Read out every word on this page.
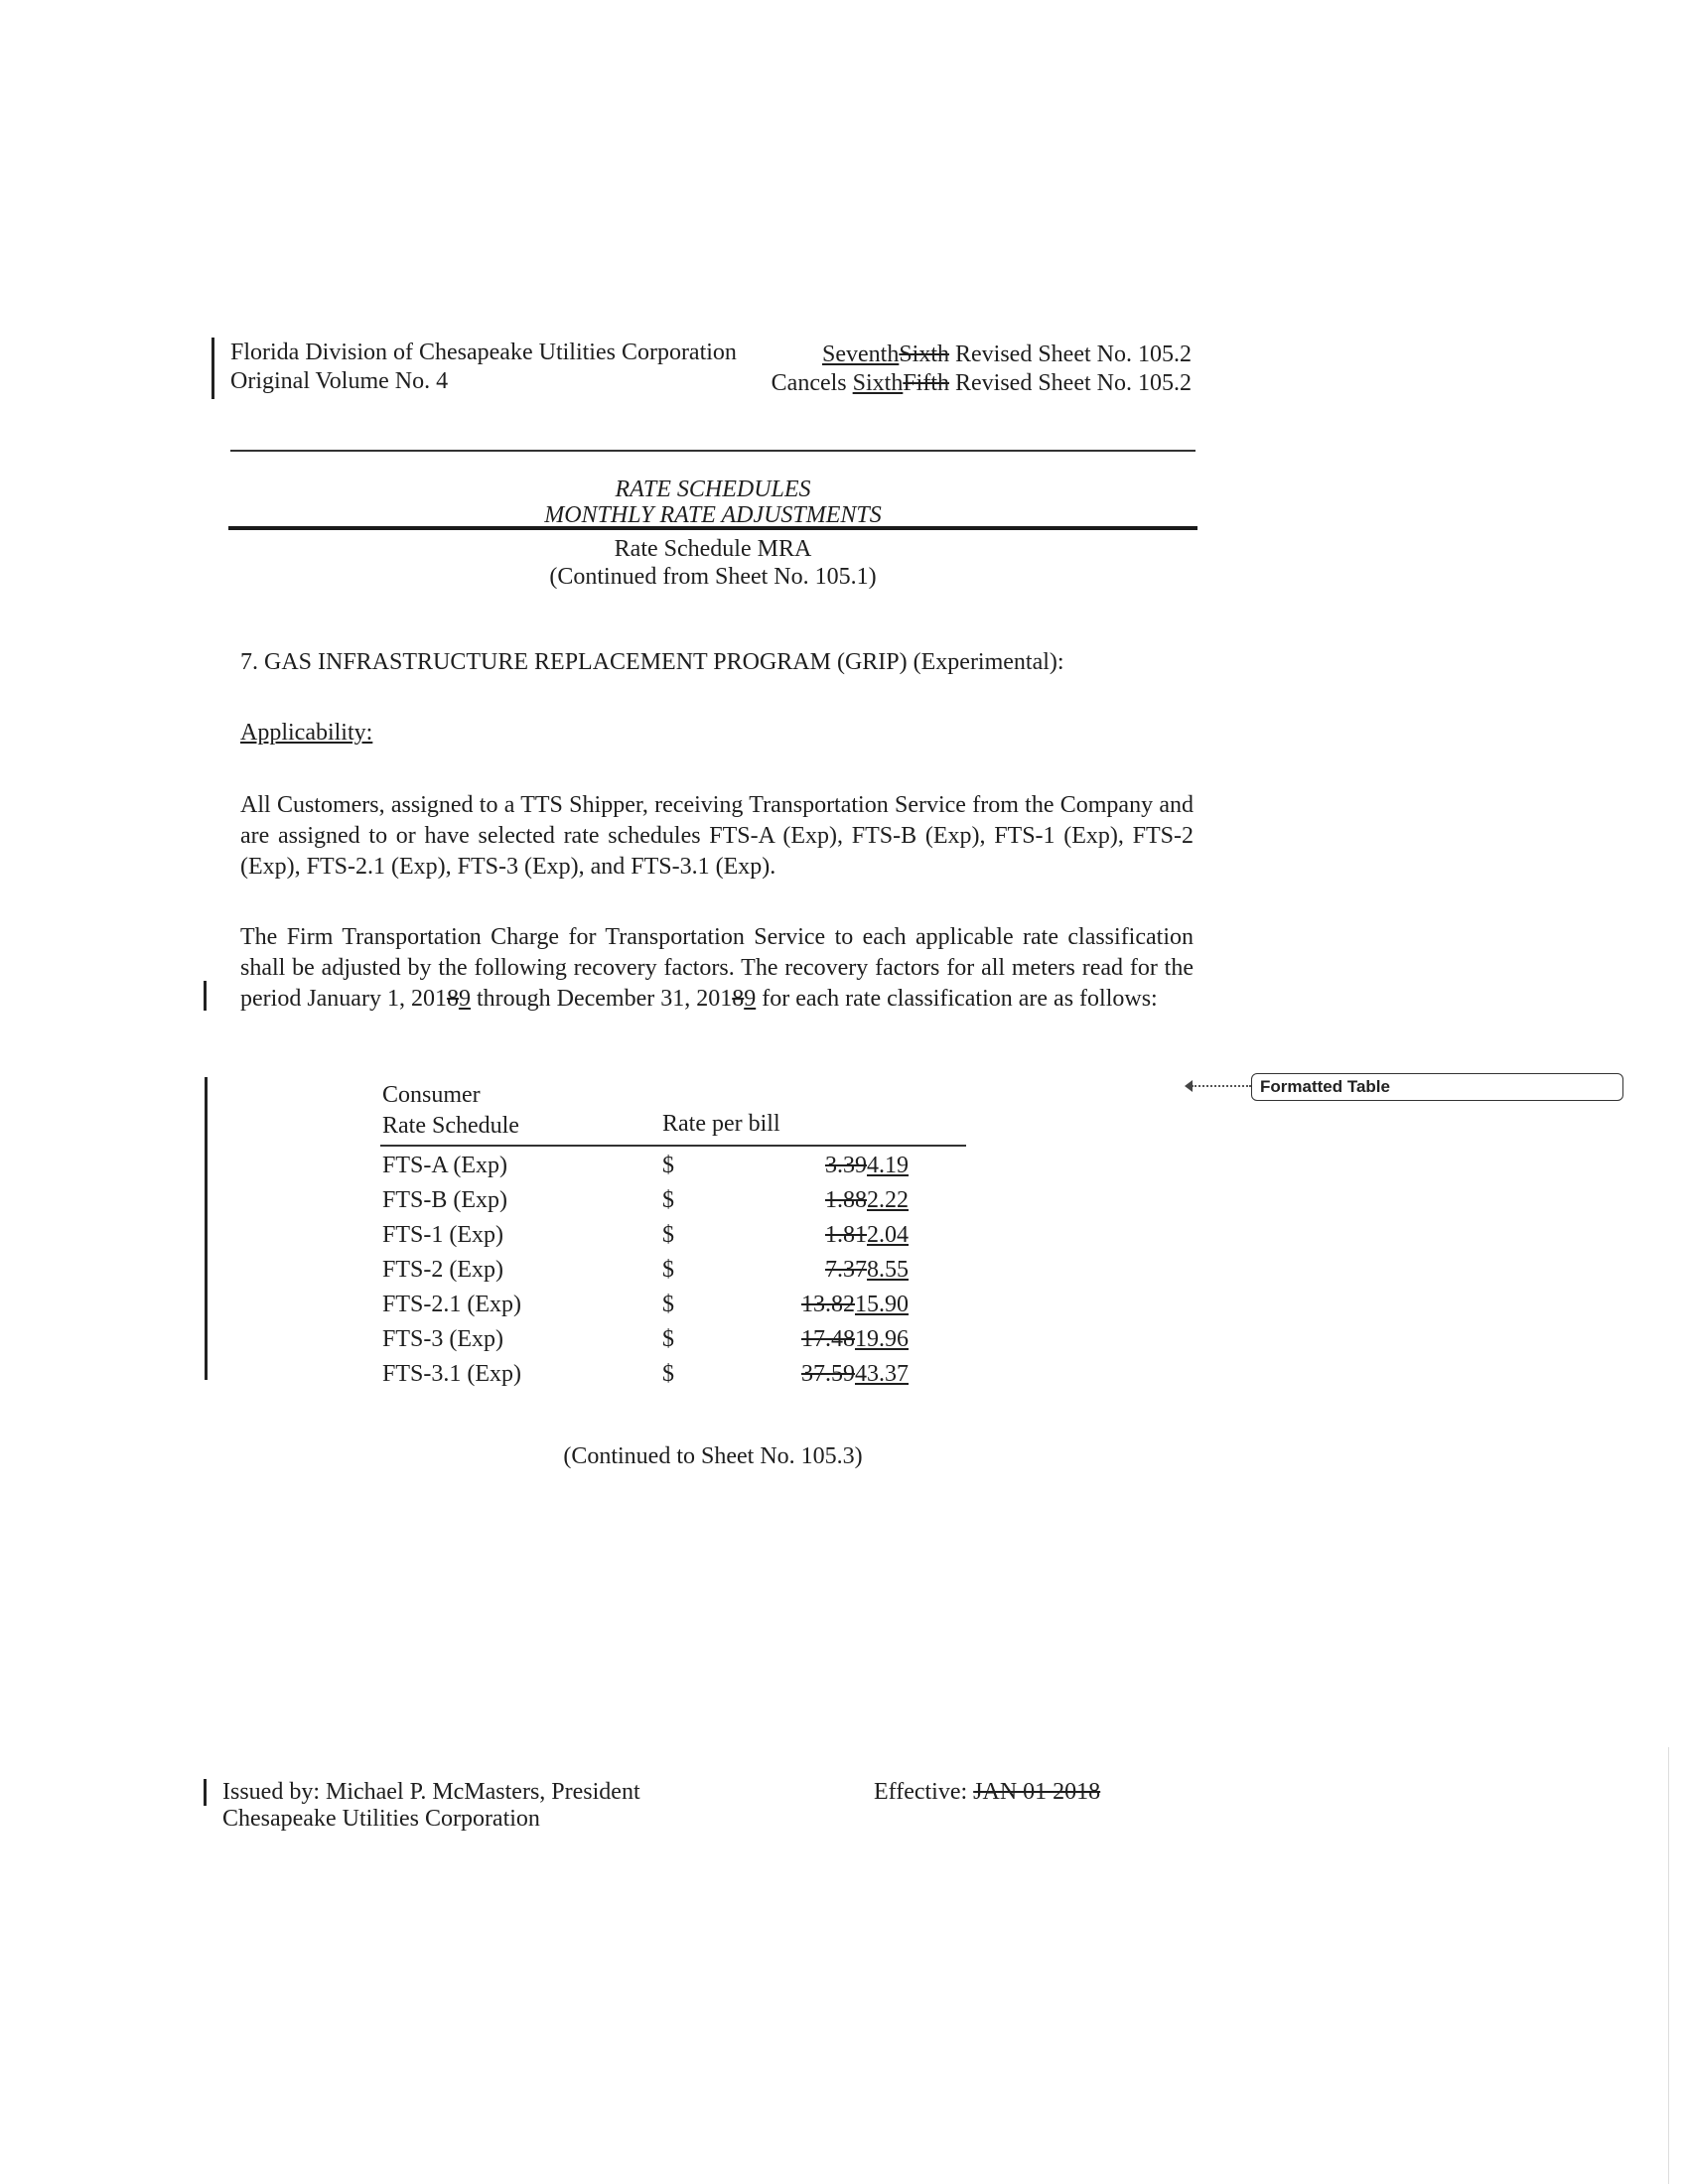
Florida Division of Chesapeake Utilities Corporation
Original Volume No. 4
SeventhSixth Revised Sheet No. 105.2
Cancels SixthFifth Revised Sheet No. 105.2
RATE SCHEDULES
MONTHLY RATE ADJUSTMENTS
Rate Schedule MRA
(Continued from Sheet No. 105.1)
7. GAS INFRASTRUCTURE REPLACEMENT PROGRAM (GRIP) (Experimental):
Applicability:
All Customers, assigned to a TTS Shipper, receiving Transportation Service from the Company and are assigned to or have selected rate schedules FTS-A (Exp), FTS-B (Exp), FTS-1 (Exp), FTS-2 (Exp), FTS-2.1 (Exp), FTS-3 (Exp), and FTS-3.1 (Exp).
The Firm Transportation Charge for Transportation Service to each applicable rate classification shall be adjusted by the following recovery factors. The recovery factors for all meters read for the period January 1, 20189 through December 31, 20189 for each rate classification are as follows:
Consumer
Rate Schedule	Rate per bill
FTS-A (Exp)	$	3.394.19
FTS-B (Exp)	$	1.882.22
FTS-1 (Exp)	$	1.812.04
FTS-2 (Exp)	$	7.378.55
FTS-2.1 (Exp)	$	13.8215.90
FTS-3 (Exp)	$	17.4819.96
FTS-3.1 (Exp)	$	37.5943.37
(Continued to Sheet No. 105.3)
Issued by: Michael P. McMasters, President
Chesapeake Utilities Corporation
Effective: JAN 01 2018
Formatted Table
